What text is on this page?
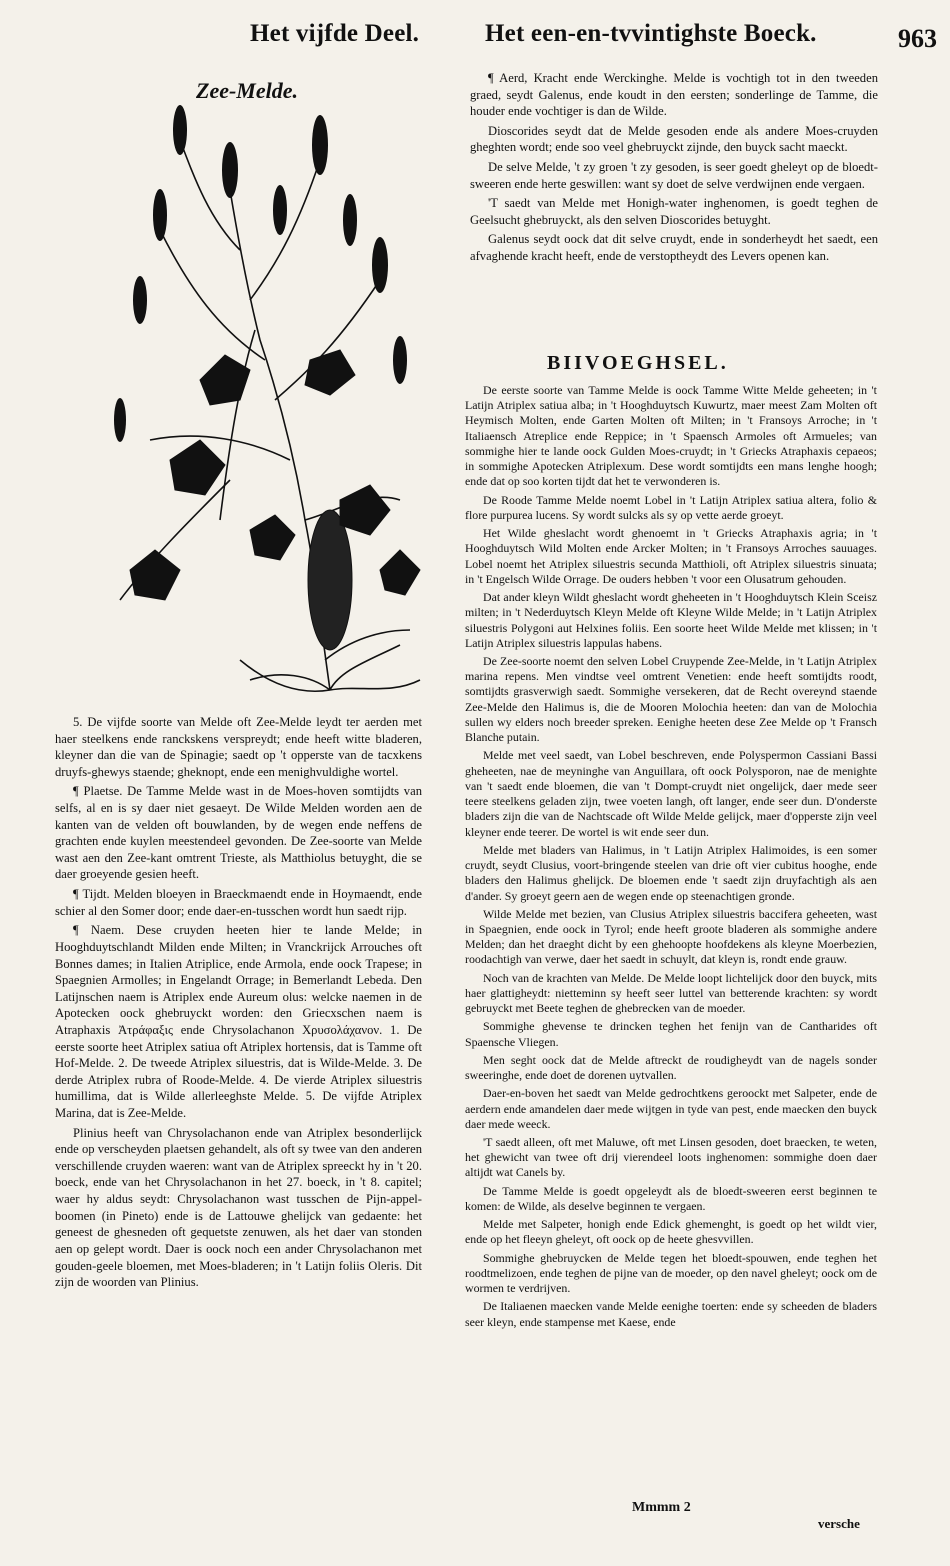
Het vijfde Deel.	Het een-en-tvvintighste Boeck.	963
Zee-Melde.

5. De vijfde soorte van Melde oft Zee-Melde leydt ter aerden met haer steelkens ende ranckskens verspreydt; ende heeft witte bladeren, kleyner dan die van de Spinagie; saedt op 't opperste van de tacxkens druyfs-ghewys staende; gheknopt, ende een menighvuldighe wortel.

¶ Plaetse. De Tamme Melde wast in de Moes-hoven somtijdts van selfs, al en is sy daer niet gesaeyt. De Wilde Melden worden aen de kanten van de velden oft bouwlanden, by de wegen ende neffens de grachten ende kuylen meestendeel gevonden. De Zee-soorte van Melde wast aen den Zee-kant omtrent Trieste, als Matthiolus betuyght, die se daer groeyende gesien heeft.

¶ Tijdt. Melden bloeyen in Braeckmaendt ende in Hoymaendt, ende schier al den Somer door; ende daer-en-tusschen wordt hun saedt rijp.

¶ Naem. Dese cruyden heeten hier te lande Melde; in Hooghduytschlandt Milden ende Milten; in Vranckrijck Arrouches oft Bonnes dames; in Italien Atriplice, ende Armola, ende oock Trapese; in Spaegnien Armolles; in Engelandt Orrage; in Bemerlandt Lebeda. Den Latijnschen naem is Atriplex ende Aureum olus: welcke naemen in de Apotecken oock ghebruyckt worden: den Griecxschen naem is Atraphaxis Ἀτράφαξις ende Chrysolachanon Χρυσολάχανον. 1. De eerste soorte heet Atriplex satiua oft Atriplex hortensis, dat is Tamme oft Hof-Melde. 2. De tweede Atriplex siluestris, dat is Wilde-Melde. 3. De derde Atriplex rubra of Roode-Melde. 4. De vierde Atriplex siluestris humillima, dat is Wilde allerleeghste Melde. 5. De vijfde Atriplex Marina, dat is Zee-Melde.

Plinius heeft van Chrysolachanon ende van Atriplex besonderlijck ende op verscheyden plaetsen gehandelt, als oft sy twee van den anderen verschillende cruyden waeren: want van de Atriplex spreeckt hy in 't 20. boeck, ende van het Chrysolachanon in het 27. boeck, in 't 8. capitel; waer hy aldus seydt: Chrysolachanon wast tusschen de Pijn-appel-boomen (in Pineto) ende is de Lattouwe ghelijck van gedaente: het geneest de ghesneden oft gequetste zenuwen, als het daer van stonden aen op gelept wordt. Daer is oock noch een ander Chrysolachanon met gouden-geele bloemen, met Moes-bladeren; in 't Latijn foliis Oleris. Dit zijn de woorden van Plinius.

¶ Aerd, Kracht ende Werckinghe. Melde is vochtigh tot in den tweeden graed, seydt Galenus, ende koudt in den eersten; sonderlinge de Tamme, die houder ende vochtiger is dan de Wilde.

Dioscorides seydt dat de Melde gesoden ende als andere Moes-cruyden gheghten wordt; ende soo veel ghebruyckt zijnde, den buyck sacht maeckt.

De selve Melde, 't zy groen 't zy gesoden, is seer goedt gheleyt op de bloedt-sweeren ende herte geswillen: want sy doet de selve verdwijnen ende vergaen.

'T saedt van Melde met Honigh-water inghenomen, is goedt teghen de Geelsucht ghebruyckt, als den selven Dioscorides betuyght.

Galenus seydt oock dat dit selve cruydt, ende in sonderheydt het saedt, een afvaghende kracht heeft, ende de verstoptheydt des Levers openen kan.

BIIVOEGHSEL.

De eerste soorte van Tamme Melde is oock Tamme Witte Melde geheeten; in 't Latijn Atriplex satiua alba; in 't Hooghduytsch Kuwurtz, maer meest Zam Molten oft Heymisch Molten, ende Garten Molten oft Milten; in 't Fransoys Arroche; in 't Italiaensch Atreplice ende Reppice; in 't Spaensch Armoles oft Armueles; van sommighe hier te lande oock Gulden Moes-cruydt; in 't Griecks Atraphaxis cepaeos; in sommighe Apotecken Atriplexum. Dese wordt somtijdts een mans lenghe hoogh; ende dat op soo korten tijdt dat het te verwonderen is.

De Roode Tamme Melde noemt Lobel in 't Latijn Atriplex satiua altera, folio & flore purpurea lucens. Sy wordt sulcks als sy op vette aerde groeyt.

Het Wilde gheslacht wordt ghenoemt in 't Griecks Atraphaxis agria; in 't Hooghduytsch Wild Molten ende Arcker Molten; in 't Fransoys Arroches sauuages. Lobel noemt het Atriplex siluestris secunda Matthioli, oft Atriplex siluestris sinuata; in 't Engelsch Wilde Orrage. De ouders hebben 't voor een Olusatrum gehouden.

Dat ander kleyn Wildt gheslacht wordt gheheeten in 't Hooghduytsch Klein Sceisz milten; in 't Nederduytsch Kleyn Melde oft Kleyne Wilde Melde; in 't Latijn Atriplex siluestris Polygoni aut Helxines foliis. Een soorte heet Wilde Melde met klissen; in 't Latijn Atriplex siluestris lappulas habens.

De Zee-soorte noemt den selven Lobel Cruypende Zee-Melde, in 't Latijn Atriplex marina repens. Men vindtse veel omtrent Venetien: ende heeft somtijdts roodt, somtijdts grasverwigh saedt. Sommighe versekeren, dat de Recht overeynd staende Zee-Melde den Halimus is, die de Mooren Molochia heeten: dan van de Molochia sullen wy elders noch breeder spreken. Eenighe heeten dese Zee Melde op 't Fransch Blanche putain.

Melde met veel saedt, van Lobel beschreven, ende Polyspermon Cassiani Bassi gheheeten, nae de meyninghe van Anguillara, oft oock Polysporon, nae de menighte van 't saedt ende bloemen, die van 't Dompt-cruydt niet ongelijck, daer mede seer teere steelkens geladen zijn, twee voeten langh, oft langer, ende seer dun. D'onderste bladers zijn die van de Nachtscade oft Wilde Melde gelijck, maer d'opperste zijn veel kleyner ende teerer. De wortel is wit ende seer dun.

Melde met bladers van Halimus, in 't Latijn Atriplex Halimoides, is een somer cruydt, seydt Clusius, voort-bringende steelen van drie oft vier cubitus hooghe, ende bladers den Halimus ghelijck. De bloemen ende 't saedt zijn druyfachtigh als aen d'ander. Sy groeyt geern aen de wegen ende op steenachtigen gronde.

Wilde Melde met bezien, van Clusius Atriplex siluestris baccifera geheeten, wast in Spaegnien, ende oock in Tyrol; ende heeft groote bladeren als sommighe andere Melden; dan het draeght dicht by een ghehoopte hoofdekens als kleyne Moerbezien, roodachtigh van verwe, daer het saedt in schuylt, dat kleyn is, rondt ende grauw.

Noch van de krachten van Melde. De Melde loopt lichtelijck door den buyck, mits haer glattigheydt: nietteminn sy heeft seer luttel van betterende krachten: sy wordt gebruyckt met Beete teghen de ghebrecken van de moeder.

Sommighe ghevense te drincken teghen het fenijn van de Cantharides oft Spaensche Vliegen.

Men seght oock dat de Melde aftreckt de roudigheydt van de nagels sonder sweeringhe, ende doet de dorenen uytvallen.

Daer-en-boven het saedt van Melde gedrochtkens geroockt met Salpeter, ende de aerdern ende amandelen daer mede wijtgen in tyde van pest, ende maecken den buyck daer mede weeck.

'T saedt alleen, oft met Maluwe, oft met Linsen gesoden, doet braecken, te weten, het ghewicht van twee oft drij vierendeel loots inghenomen: sommighe doen daer altijdt wat Canels by.

De Tamme Melde is goedt opgeleydt als de bloedt-sweeren eerst beginnen te komen: de Wilde, als deselve beginnen te vergaen.

Melde met Salpeter, honigh ende Edick ghemenght, is goedt op het wildt vier, ende op het fleeyn gheleyt, oft oock op de heete ghesvvillen.

Sommighe ghebruycken de Melde tegen het bloedt-spouwen, ende teghen het roodtmelizoen, ende teghen de pijne van de moeder, op den navel gheleyt; oock om de wormen te verdrijven.

De Italiaenen maecken vande Melde eenighe toerten: ende sy scheeden de bladers seer kleyn, ende stampense met Kaese, ende

Mmmm 2
versche
